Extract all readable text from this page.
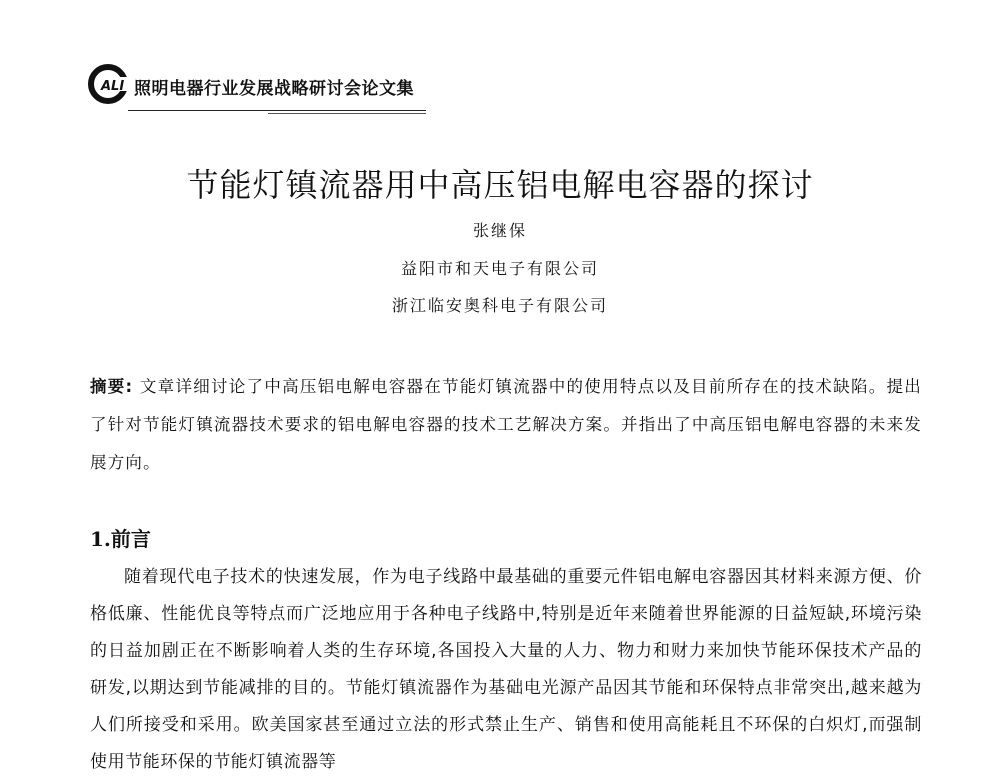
ALI 照明电器行业发展战略研讨会论文集
节能灯镇流器用中高压铝电解电容器的探讨
张继保
益阳市和天电子有限公司
浙江临安奥科电子有限公司
摘要: 文章详细讨论了中高压铝电解电容器在节能灯镇流器中的使用特点以及目前所存在的技术缺陷。提出了针对节能灯镇流器技术要求的铝电解电容器的技术工艺解决方案。并指出了中高压铝电解电容器的未来发展方向。
1.前言

随着现代电子技术的快速发展，作为电子线路中最基础的重要元件铝电解电容器因其材料来源方便、价格低廉、性能优良等特点而广泛地应用于各种电子线路中,特别是近年来随着世界能源的日益短缺,环境污染的日益加剧正在不断影响着人类的生存环境,各国投入大量的人力、物力和财力来加快节能环保技术产品的研发,以期达到节能减排的目的。节能灯镇流器作为基础电光源产品因其节能和环保特点非常突出,越来越为人们所接受和采用。欧美国家甚至通过立法的形式禁止生产、销售和使用高能耗且不环保的白炽灯,而强制使用节能环保的节能灯镇流器等
